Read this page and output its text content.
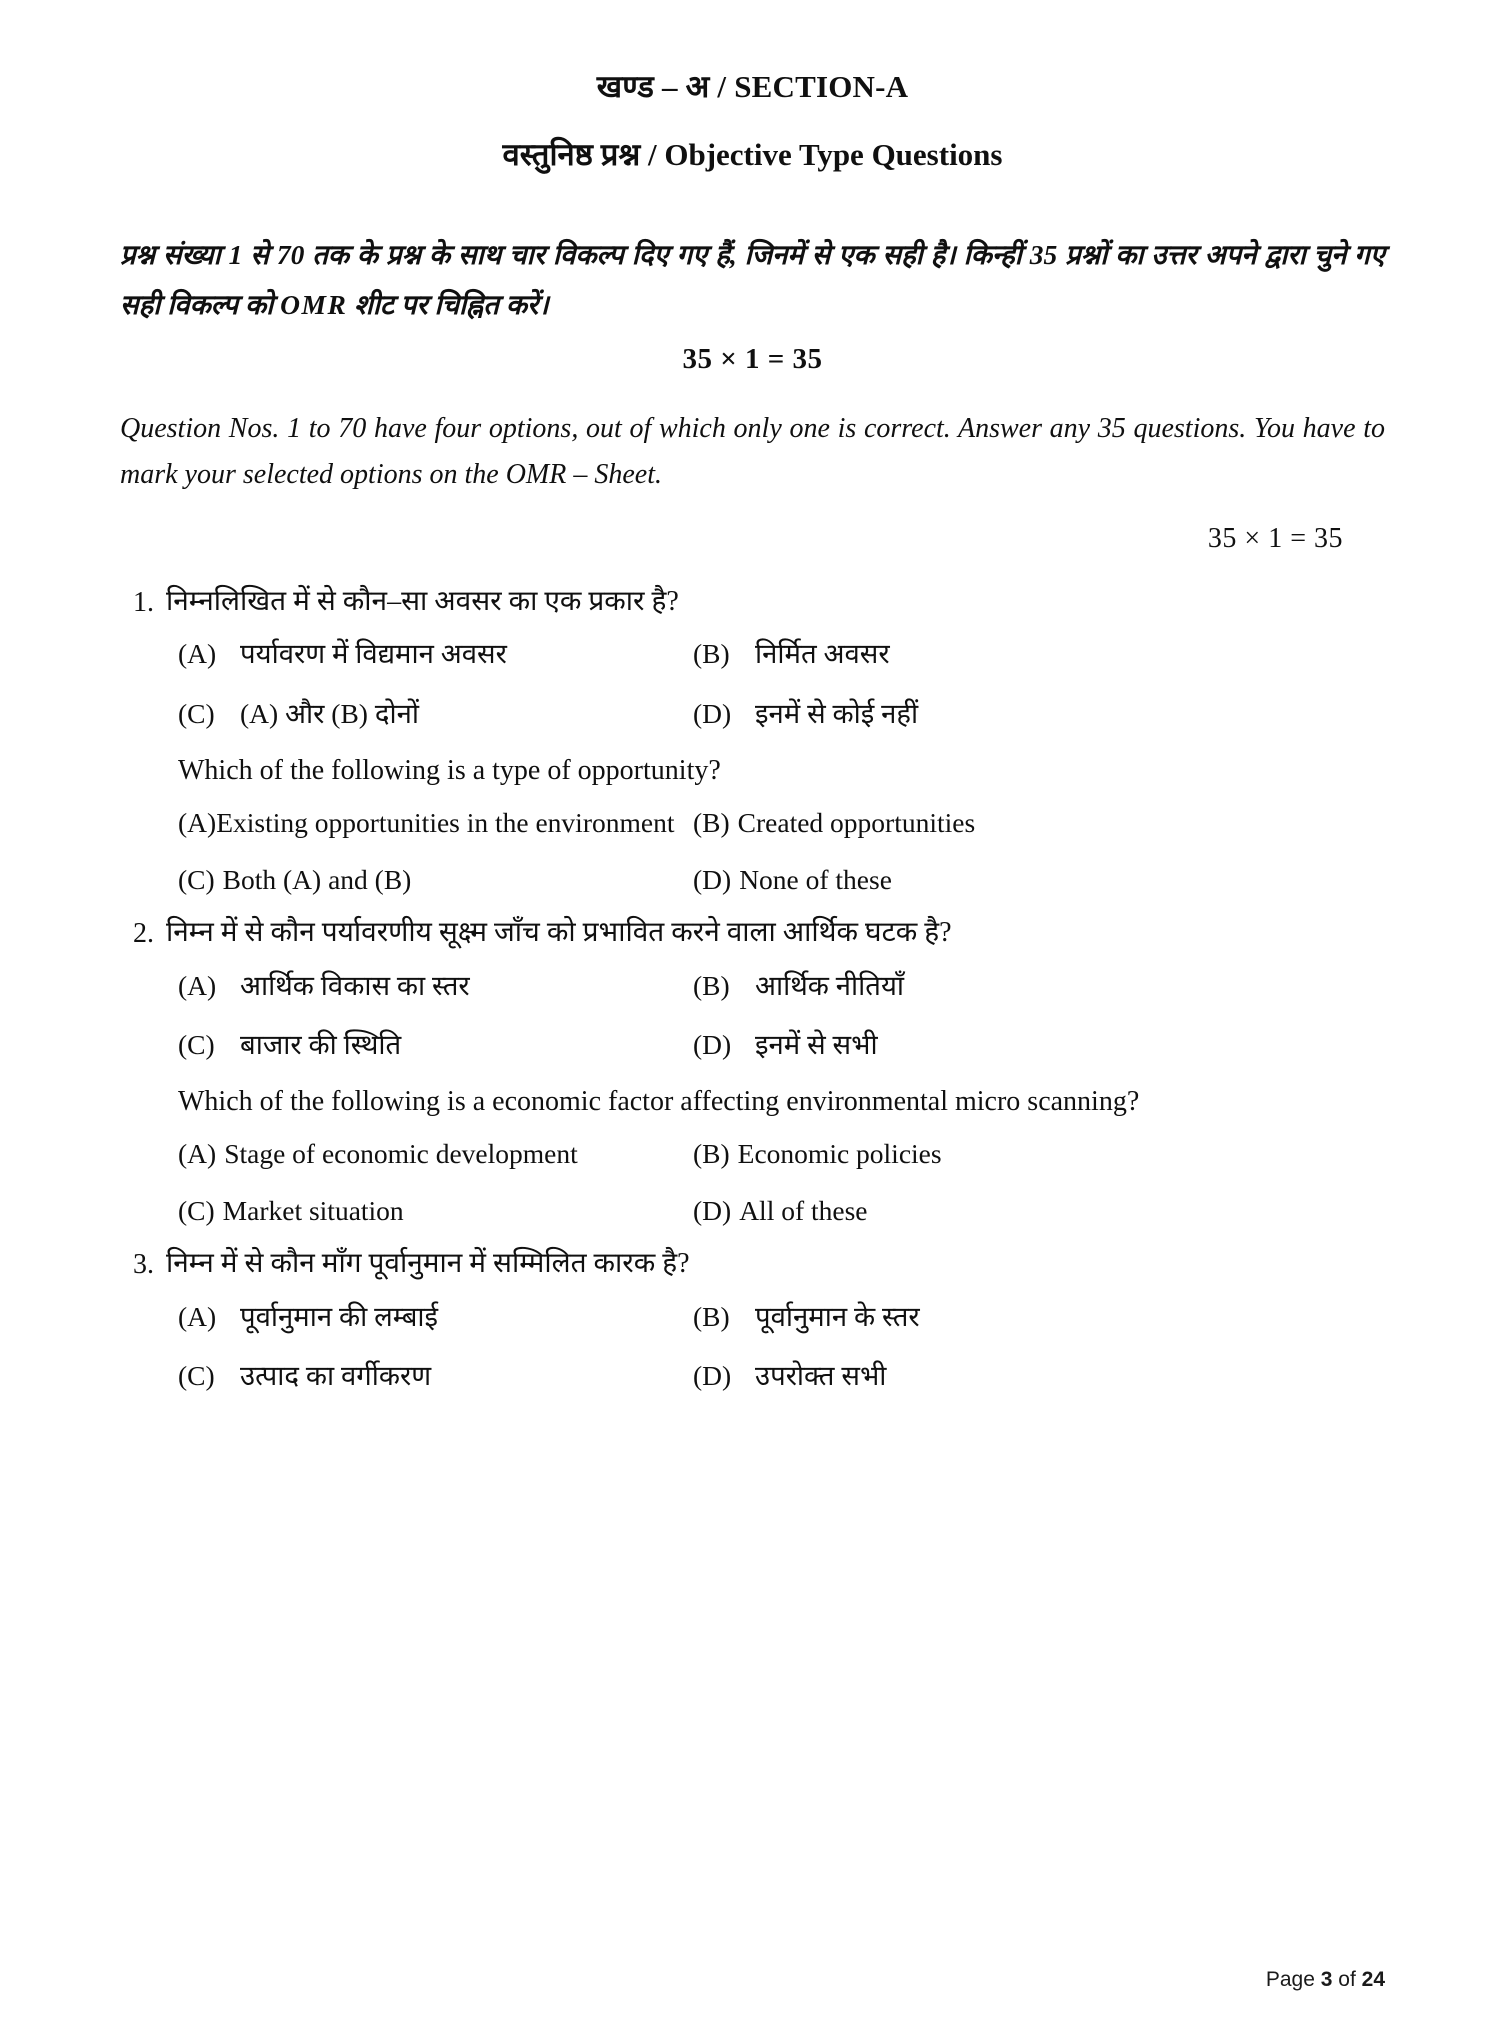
खण्ड – अ / SECTION-A
वस्तुनिष्ठ प्रश्न / Objective Type Questions
प्रश्न संख्या 1 से 70 तक के प्रश्न के साथ चार विकल्प दिए गए हैं, जिनमें से एक सही है। किन्हीं 35 प्रश्नों का उत्तर अपने द्वारा चुने गए सही विकल्प को OMR शीट पर चिह्नित करें।
35 × 1 = 35
Question Nos. 1 to 70 have four options, out of which only one is correct. Answer any 35 questions. You have to mark your selected options on the OMR – Sheet.
35 × 1 = 35
1. निम्नलिखित में से कौन–सा अवसर का एक प्रकार है?
(A) पर्यावरण में विद्यमान अवसर	(B) निर्मित अवसर
(C) (A) और (B) दोनों	(D) इनमें से कोई नहीं
Which of the following is a type of opportunity?
(A) Existing opportunities in the environment (B) Created opportunities
(C) Both (A) and (B)	(D) None of these
2. निम्न में से कौन पर्यावरणीय सूक्ष्म जाँच को प्रभावित करने वाला आर्थिक घटक है?
(A) आर्थिक विकास का स्तर	(B) आर्थिक नीतियाँ
(C) बाजार की स्थिति	(D) इनमें से सभी
Which of the following is a economic factor affecting environmental micro scanning?
(A) Stage of economic development	(B) Economic policies
(C) Market situation	(D) All of these
3. निम्न में से कौन माँग पूर्वानुमान में सम्मिलित कारक है?
(A) पूर्वानुमान की लम्बाई	(B) पूर्वानुमान के स्तर
(C) उत्पाद का वर्गीकरण	(D) उपरोक्त सभी
Page 3 of 24
